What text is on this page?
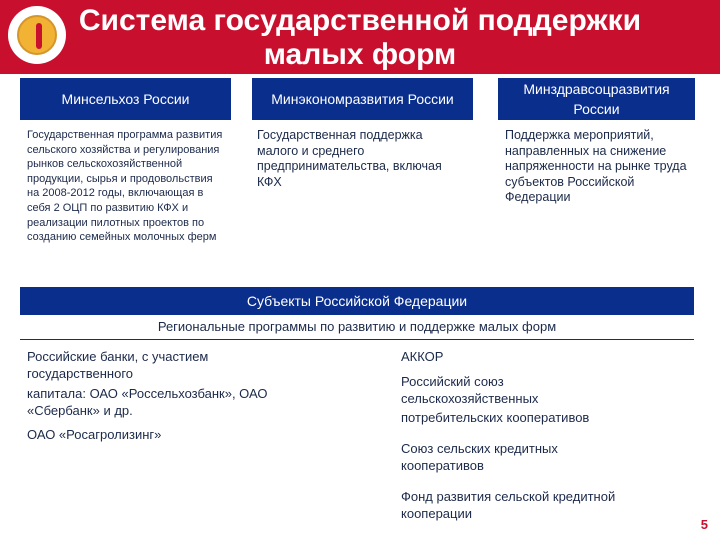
Система государственной поддержки
малых форм
Минсельхоз России	Минэкономразвития России
Минздравсоцразвития России
Государственная программа развития сельского хозяйства и регулирования рынков сельскохозяйственной продукции, сырья и продовольствия на 2008-2012 годы, включающая в себя 2 ОЦП по развитию КФХ и реализации пилотных проектов по созданию семейных молочных ферм
Государственная поддержка малого и среднего предпринимательства, включая КФХ
Поддержка мероприятий, направленных на снижение напряженности на рынке труда субъектов Российской Федерации
Субъекты Российской Федерации
Региональные программы по развитию и поддержке малых форм
Российские банки, с участием государственного
капитала: ОАО «Россельхозбанк», ОАО «Сбербанк» и др.
ОАО «Росагролизинг»
АККОР
Российский союз сельскохозяйственных
потребительских кооперативов
Союз сельских кредитных кооперативов
Фонд развития сельской кредитной кооперации
5
